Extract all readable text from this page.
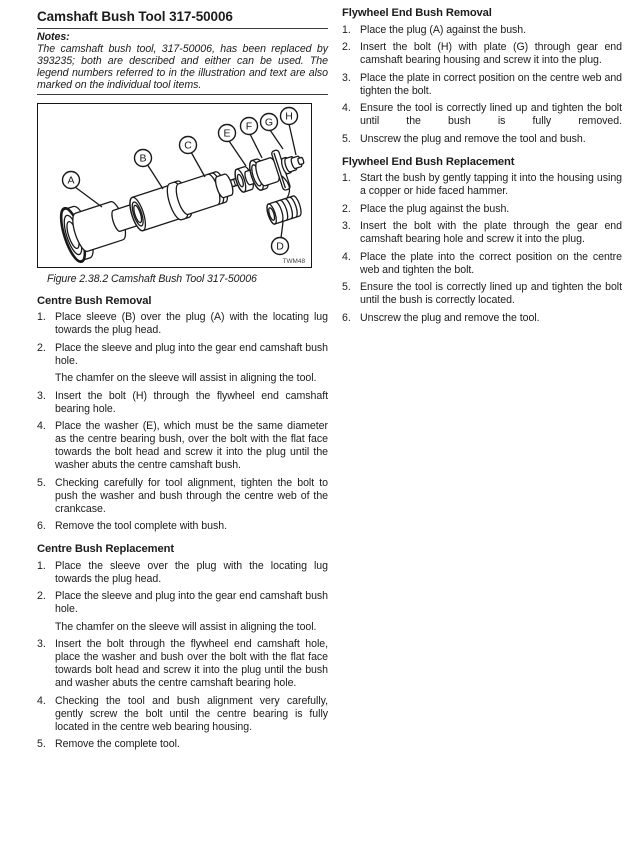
Camshaft Bush Tool 317-50006
Notes:
The camshaft bush tool, 317-50006, has been replaced by 393235; both are described and either can be used. The legend numbers referred to in the illustration and text are also marked on the individual tool items.
A
B
C
E
F G H
D
TWM48
Figure 2.38.2 Camshaft Bush Tool 317-50006
Centre Bush Removal
1. Place sleeve (B) over the plug (A) with the locating lug towards the plug head.
2. Place the sleeve and plug into the gear end camshaft bush hole.
The chamfer on the sleeve will assist in aligning the tool.
3. Insert the bolt (H) through the flywheel end camshaft bearing hole.
4. Place the washer (E), which must be the same diameter as the centre bearing bush, over the bolt with the flat face towards the bolt head and screw it into the plug until the washer abuts the centre camshaft bush.
5. Checking carefully for tool alignment, tighten the bolt to push the washer and bush through the centre web of the crankcase.
6. Remove the tool complete with bush.
Centre Bush Replacement
1. Place the sleeve over the plug with the locating lug towards the plug head.
2. Place the sleeve and plug into the gear end camshaft bush hole.
The chamfer on the sleeve will assist in aligning the tool.
3. Insert the bolt through the flywheel end camshaft hole, place the washer and bush over the bolt with the flat face towards bolt head and screw it into the plug until the bush and washer abuts the centre camshaft bearing hole.
4. Checking the tool and bush alignment very carefully, gently screw the bolt until the centre bearing is fully located in the centre web bearing housing.
5. Remove the complete tool.
Flywheel End Bush Removal
1. Place the plug (A) against the bush.
2. Insert the bolt (H) with plate (G) through gear end camshaft bearing housing and screw it into the plug.
3. Place the plate in correct position on the centre web and tighten the bolt.
4. Ensure the tool is correctly lined up and tighten the bolt until the bush is fully removed.
5. Unscrew the plug and remove the tool and bush.
Flywheel End Bush Replacement
1. Start the bush by gently tapping it into the housing using a copper or hide faced hammer.
2. Place the plug against the bush.
3. Insert the bolt with the plate through the gear end camshaft bearing hole and screw it into the plug.
4. Place the plate into the correct position on the centre web and tighten the bolt.
5. Ensure the tool is correctly lined up and tighten the bolt until the bush is correctly located.
6. Unscrew the plug and remove the tool.
